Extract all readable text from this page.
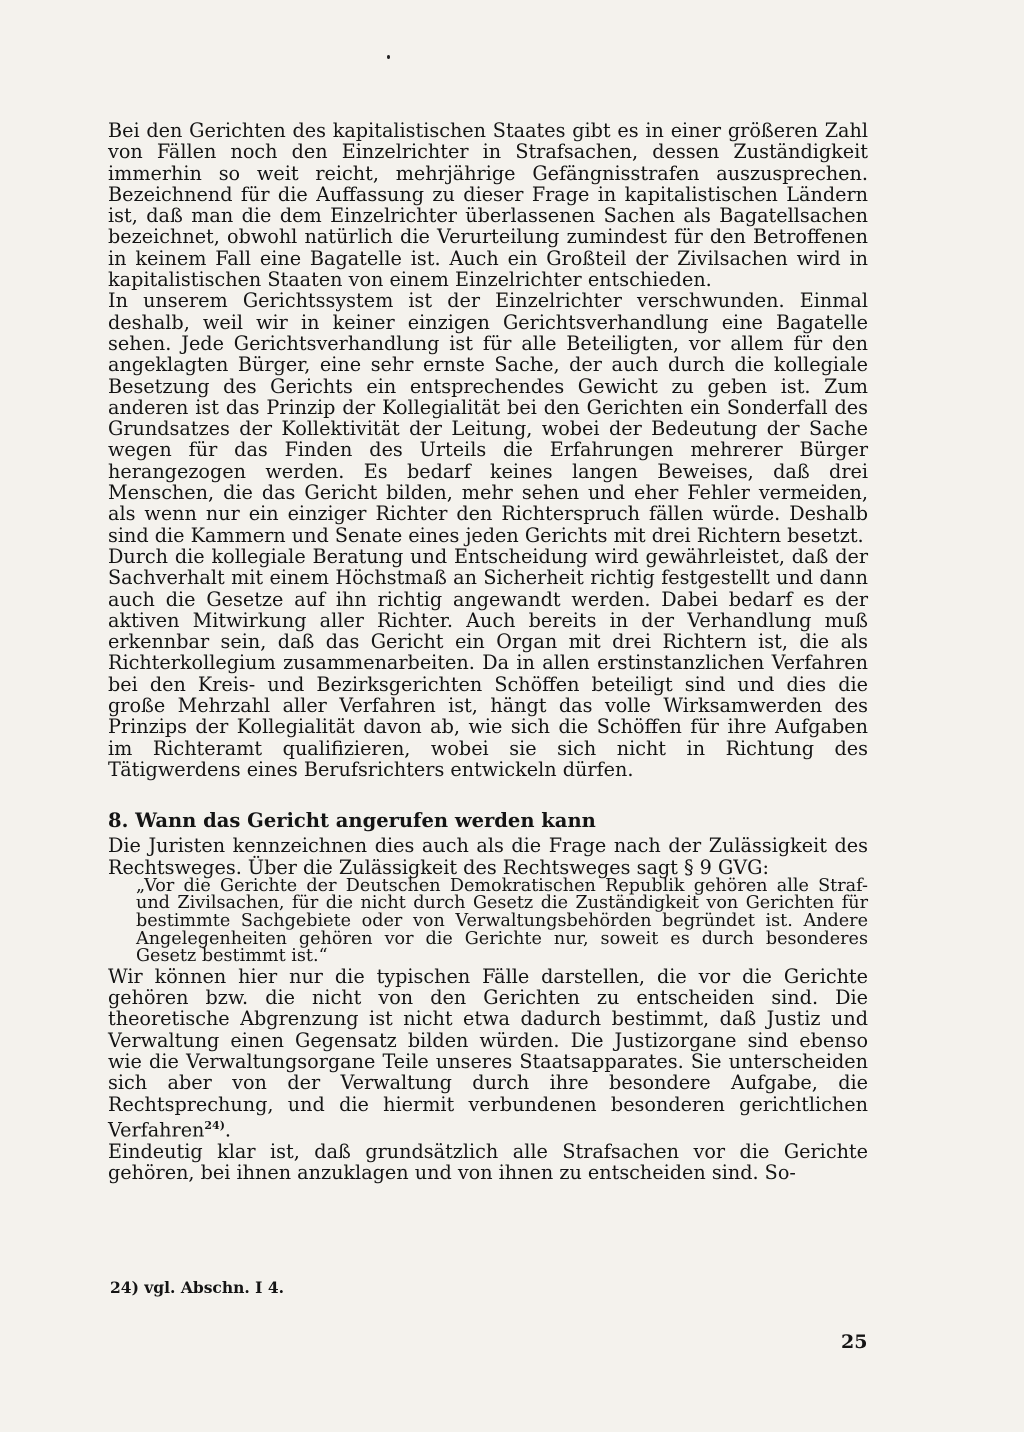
Bei den Gerichten des kapitalistischen Staates gibt es in einer größeren Zahl von Fällen noch den Einzelrichter in Strafsachen, dessen Zuständigkeit immerhin so weit reicht, mehrjährige Gefängnisstrafen auszusprechen. Bezeichnend für die Auffassung zu dieser Frage in kapitalistischen Ländern ist, daß man die dem Einzelrichter überlassenen Sachen als Bagatellsachen bezeichnet, obwohl natürlich die Verurteilung zumindest für den Betroffenen in keinem Fall eine Bagatelle ist. Auch ein Großteil der Zivilsachen wird in kapitalistischen Staaten von einem Einzelrichter entschieden.

In unserem Gerichtssystem ist der Einzelrichter verschwunden. Einmal deshalb, weil wir in keiner einzigen Gerichtsverhandlung eine Bagatelle sehen. Jede Gerichtsverhandlung ist für alle Beteiligten, vor allem für den angeklagten Bürger, eine sehr ernste Sache, der auch durch die kollegiale Besetzung des Gerichts ein entsprechendes Gewicht zu geben ist. Zum anderen ist das Prinzip der Kollegialität bei den Gerichten ein Sonderfall des Grundsatzes der Kollektivität der Leitung, wobei der Bedeutung der Sache wegen für das Finden des Urteils die Erfahrungen mehrerer Bürger herangezogen werden. Es bedarf keines langen Beweises, daß drei Menschen, die das Gericht bilden, mehr sehen und eher Fehler vermeiden, als wenn nur ein einziger Richter den Richterspruch fällen würde. Deshalb sind die Kammern und Senate eines jeden Gerichts mit drei Richtern besetzt.

Durch die kollegiale Beratung und Entscheidung wird gewährleistet, daß der Sachverhalt mit einem Höchstmaß an Sicherheit richtig festgestellt und dann auch die Gesetze auf ihn richtig angewandt werden. Dabei bedarf es der aktiven Mitwirkung aller Richter. Auch bereits in der Verhandlung muß erkennbar sein, daß das Gericht ein Organ mit drei Richtern ist, die als Richterkollegium zusammenarbeiten. Da in allen erstinstanzlichen Verfahren bei den Kreis- und Bezirksgerichten Schöffen beteiligt sind und dies die große Mehrzahl aller Verfahren ist, hängt das volle Wirksamwerden des Prinzips der Kollegialität davon ab, wie sich die Schöffen für ihre Aufgaben im Richteramt qualifizieren, wobei sie sich nicht in Richtung des Tätigwerdens eines Berufsrichters entwickeln dürfen.

8. Wann das Gericht angerufen werden kann

Die Juristen kennzeichnen dies auch als die Frage nach der Zulässigkeit des Rechtsweges. Über die Zulässigkeit des Rechtsweges sagt § 9 GVG:

„Vor die Gerichte der Deutschen Demokratischen Republik gehören alle Straf- und Zivilsachen, für die nicht durch Gesetz die Zuständigkeit von Gerichten für bestimmte Sachgebiete oder von Verwaltungsbehörden begründet ist. Andere Angelegenheiten gehören vor die Gerichte nur, soweit es durch besonderes Gesetz bestimmt ist.“

Wir können hier nur die typischen Fälle darstellen, die vor die Gerichte gehören bzw. die nicht von den Gerichten zu entscheiden sind. Die theoretische Abgrenzung ist nicht etwa dadurch bestimmt, daß Justiz und Verwaltung einen Gegensatz bilden würden. Die Justizorgane sind ebenso wie die Verwaltungsorgane Teile unseres Staatsapparates. Sie unterscheiden sich aber von der Verwaltung durch ihre besondere Aufgabe, die Rechtsprechung, und die hiermit verbundenen besonderen gerichtlichen Verfahren$^{24)}$.

Eindeutig klar ist, daß grundsätzlich alle Strafsachen vor die Gerichte gehören, bei ihnen anzuklagen und von ihnen zu entscheiden sind. So-

24) vgl. Abschn. I 4.
25
